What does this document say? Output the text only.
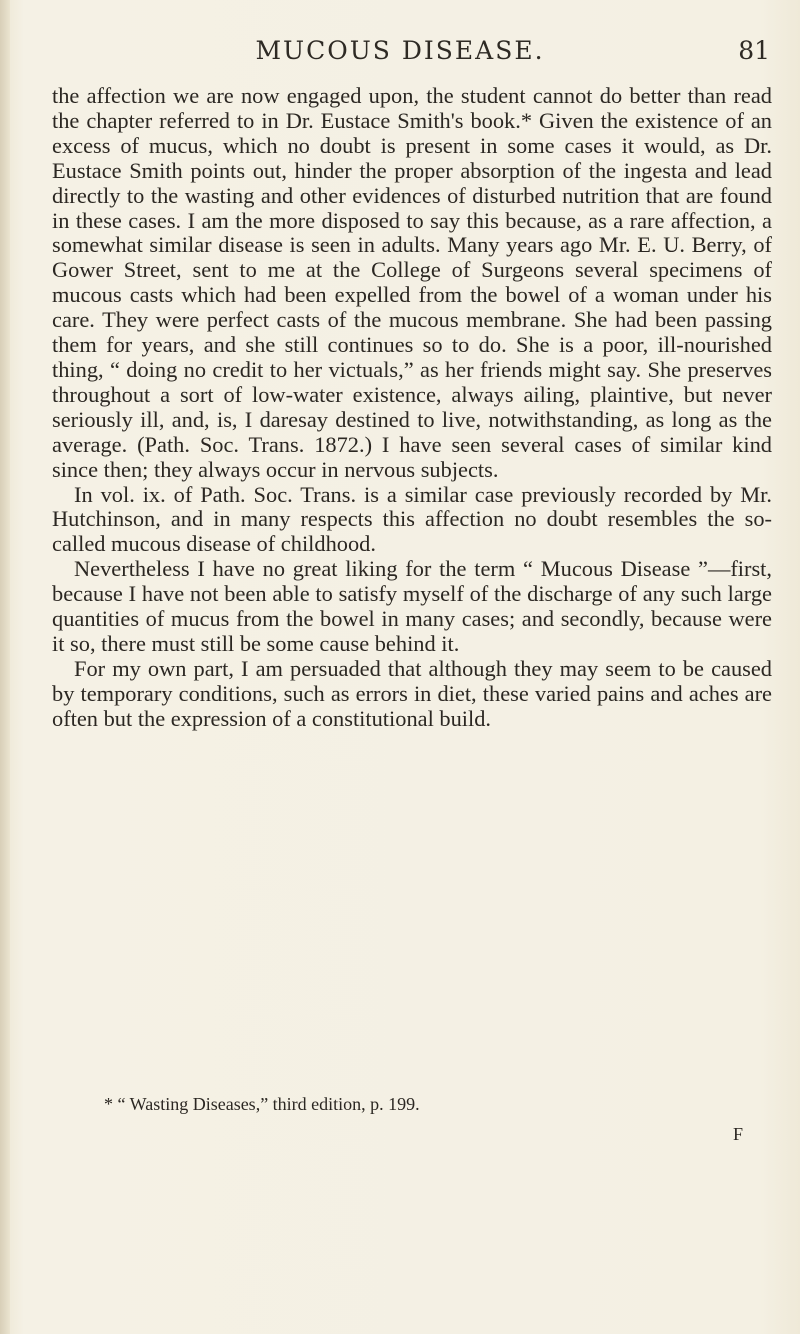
MUCOUS DISEASE.	81

the affection we are now engaged upon, the student cannot do better than read the chapter referred to in Dr. Eustace Smith's book.* Given the existence of an excess of mucus, which no doubt is present in some cases it would, as Dr. Eustace Smith points out, hinder the proper absorption of the ingesta and lead directly to the wasting and other evidences of disturbed nutrition that are found in these cases. I am the more disposed to say this because, as a rare affection, a somewhat similar disease is seen in adults. Many years ago Mr. E. U. Berry, of Gower Street, sent to me at the College of Surgeons several specimens of mucous casts which had been expelled from the bowel of a woman under his care. They were perfect casts of the mucous membrane. She had been passing them for years, and she still continues so to do. She is a poor, ill-nourished thing, “ doing no credit to her victuals,” as her friends might say. She preserves throughout a sort of low-water existence, always ailing, plaintive, but never seriously ill, and, is, I daresay destined to live, notwithstanding, as long as the average. (Path. Soc. Trans. 1872.) I have seen several cases of similar kind since then; they always occur in nervous subjects.

In vol. ix. of Path. Soc. Trans. is a similar case previously recorded by Mr. Hutchinson, and in many respects this affection no doubt resembles the so-called mucous disease of childhood.

Nevertheless I have no great liking for the term “ Mucous Disease ”—first, because I have not been able to satisfy myself of the discharge of any such large quantities of mucus from the bowel in many cases; and secondly, because were it so, there must still be some cause behind it.

For my own part, I am persuaded that although they may seem to be caused by temporary conditions, such as errors in diet, these varied pains and aches are often but the expression of a constitutional build.

* “ Wasting Diseases,” third edition, p. 199.
F
